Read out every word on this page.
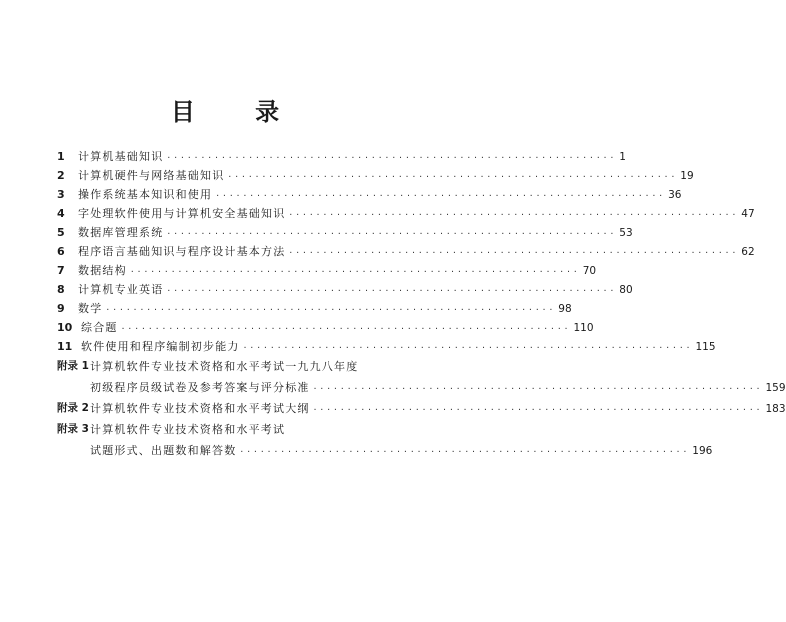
目 录
1 计算机基础知识 ·································································· 1
2 计算机硬件与网络基础知识 ·································································· 19
3 操作系统基本知识和使用 ·································································· 36
4 字处理软件使用与计算机安全基础知识 ·································································· 47
5 数据库管理系统 ·································································· 53
6 程序语言基础知识与程序设计基本方法 ·································································· 62
7 数据结构 ·································································· 70
8 计算机专业英语 ·································································· 80
9 数学 ·································································· 98
10 综合题 ·································································· 110
11 软件使用和程序编制初步能力 ·································································· 115
附录 1 计算机软件专业技术资格和水平考试一九九八年度
初级程序员级试卷及参考答案与评分标准 ·································································· 159
附录 2 计算机软件专业技术资格和水平考试大纲 ·································································· 183
附录 3 计算机软件专业技术资格和水平考试
试题形式、出题数和解答数 ·································································· 196
